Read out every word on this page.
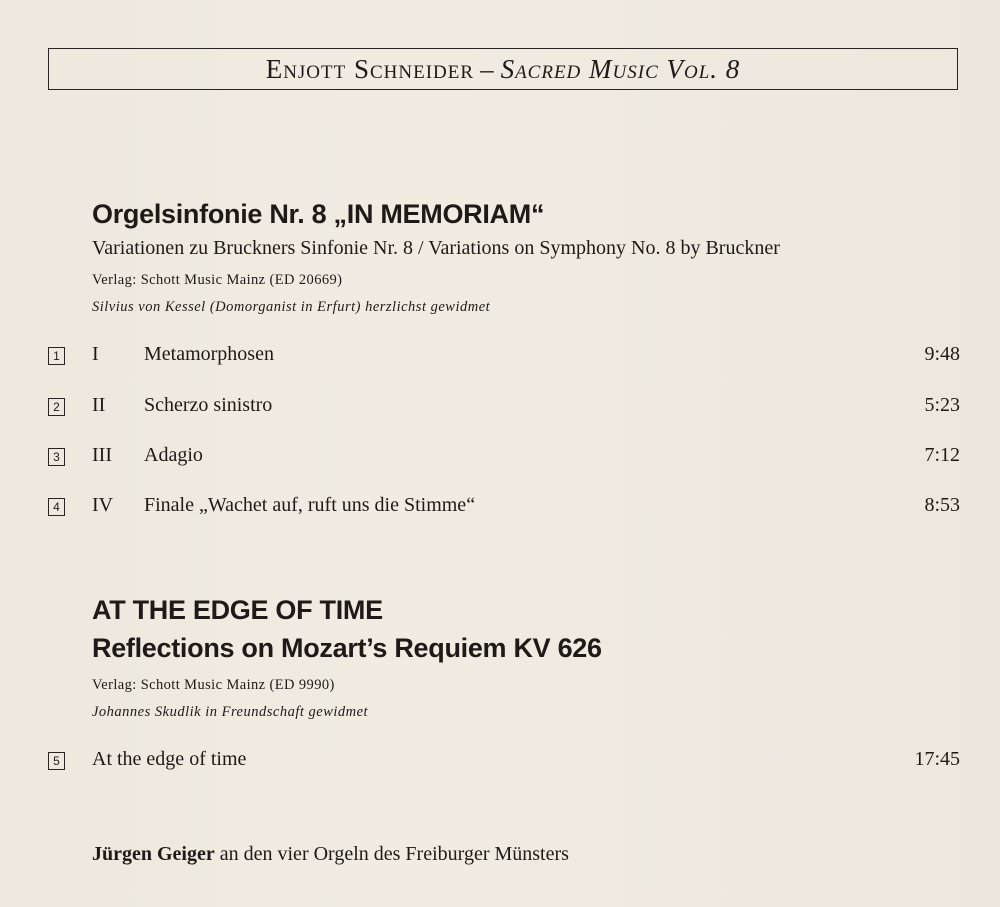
Enjott Schneider – Sacred Music Vol. 8
Orgelsinfonie Nr. 8 „IN MEMORIAM“
Variationen zu Bruckners Sinfonie Nr. 8 / Variations on Symphony No. 8 by Bruckner
Verlag: Schott Music Mainz (ED 20669)
Silvius von Kessel (Domorganist in Erfurt) herzlichst gewidmet
1 I Metamorphosen	9:48
2 II Scherzo sinistro	5:23
3 III Adagio	7:12
4 IV Finale „Wachet auf, ruft uns die Stimme“	8:53
AT THE EDGE OF TIME
Reflections on Mozart’s Requiem KV 626
Verlag: Schott Music Mainz (ED 9990)
Johannes Skudlik in Freundschaft gewidmet
5 At the edge of time	17:45
Jürgen Geiger an den vier Orgeln des Freiburger Münsters
